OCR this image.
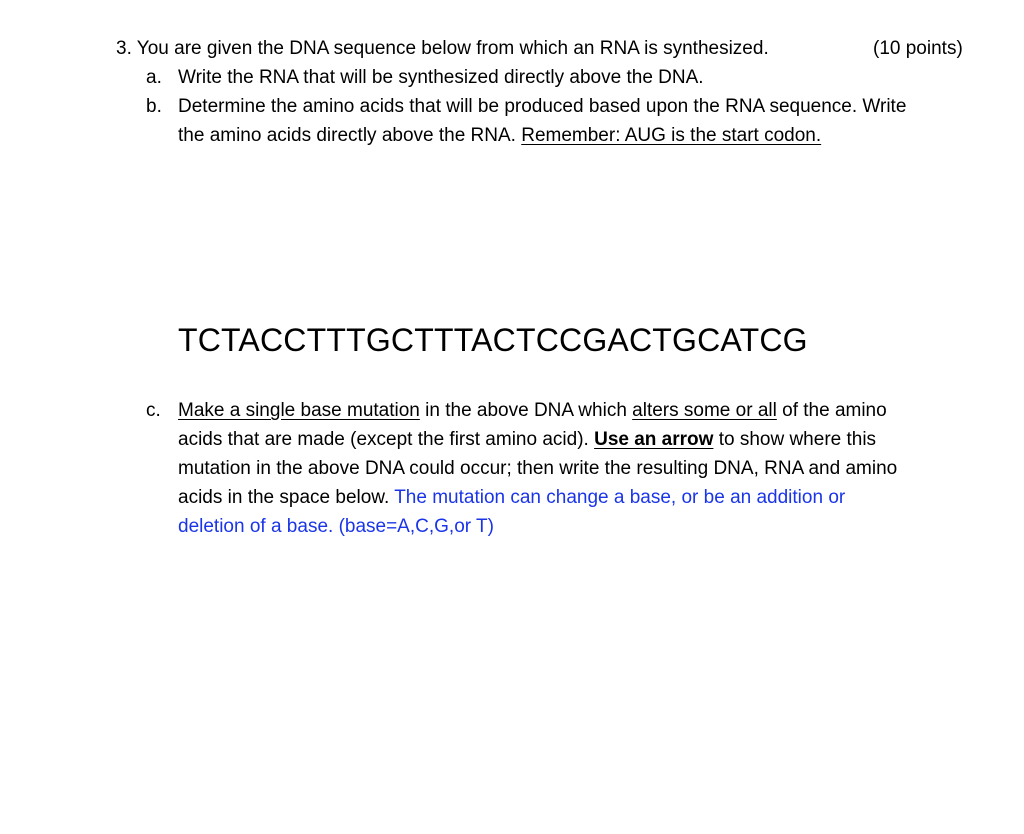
3. You are given the DNA sequence below from which an RNA is synthesized.	(10 points)
a. Write the RNA that will be synthesized directly above the DNA.
b. Determine the amino acids that will be produced based upon the RNA sequence. Write
the amino acids directly above the RNA. Remember: AUG is the start codon.
TCTACCTTTGCTTTACTCCGACTGCATCG
c. Make a single base mutation in the above DNA which alters some or all of the amino
acids that are made (except the first amino acid). Use an arrow to show where this
mutation in the above DNA could occur; then write the resulting DNA, RNA and amino
acids in the space below. The mutation can change a base, or be an addition or
deletion of a base. (base=A,C,G,or T)
